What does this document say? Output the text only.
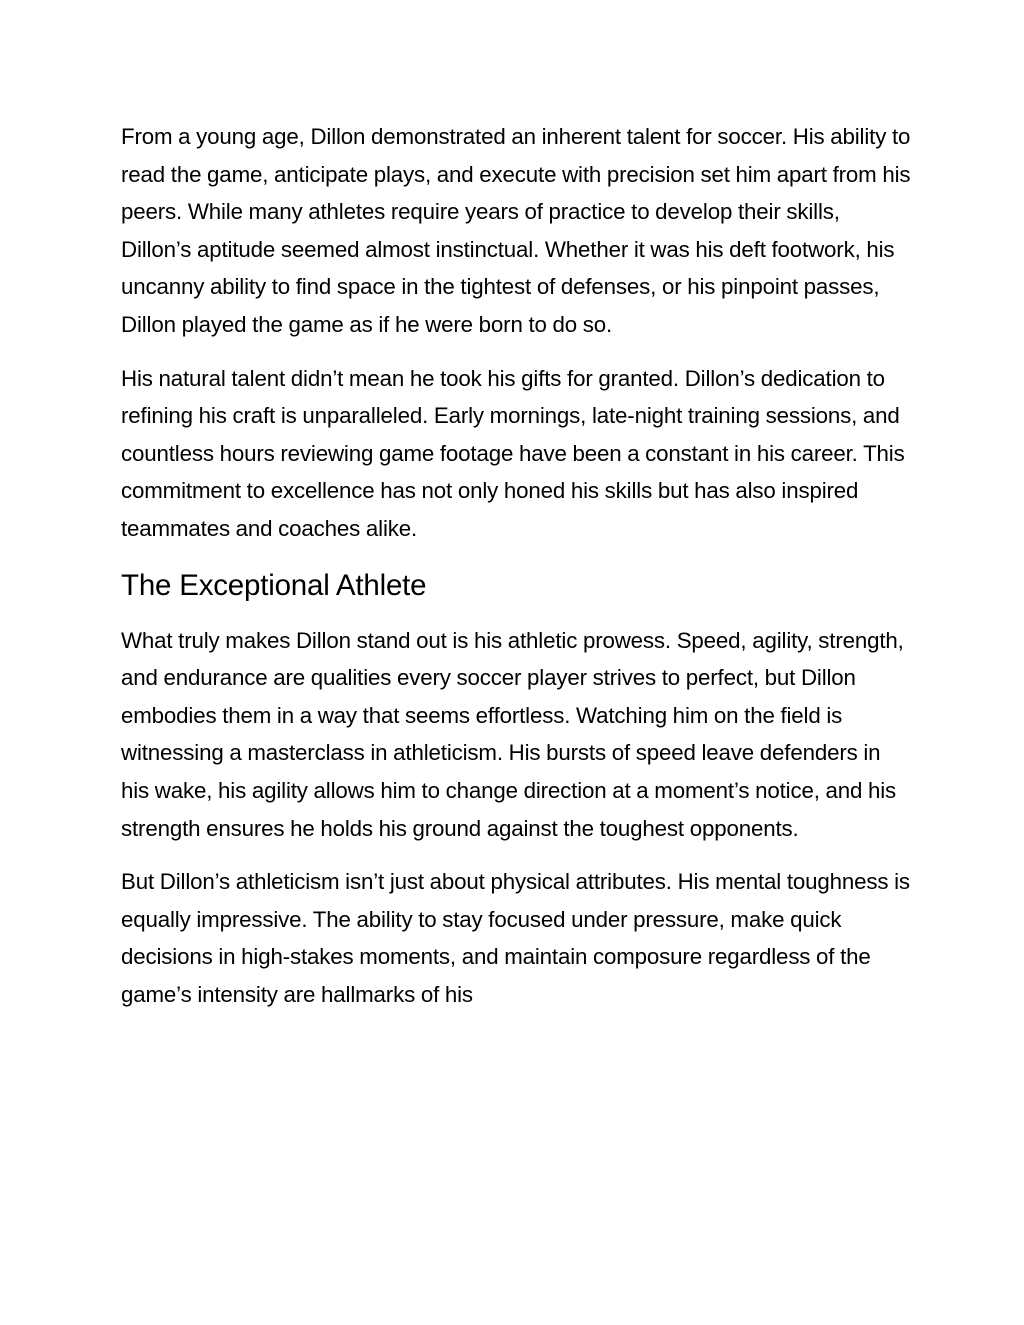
From a young age, Dillon demonstrated an inherent talent for soccer. His ability to read the game, anticipate plays, and execute with precision set him apart from his peers. While many athletes require years of practice to develop their skills, Dillon’s aptitude seemed almost instinctual. Whether it was his deft footwork, his uncanny ability to find space in the tightest of defenses, or his pinpoint passes, Dillon played the game as if he were born to do so.

His natural talent didn’t mean he took his gifts for granted. Dillon’s dedication to refining his craft is unparalleled. Early mornings, late-night training sessions, and countless hours reviewing game footage have been a constant in his career. This commitment to excellence has not only honed his skills but has also inspired teammates and coaches alike.

The Exceptional Athlete

What truly makes Dillon stand out is his athletic prowess. Speed, agility, strength, and endurance are qualities every soccer player strives to perfect, but Dillon embodies them in a way that seems effortless. Watching him on the field is witnessing a masterclass in athleticism. His bursts of speed leave defenders in his wake, his agility allows him to change direction at a moment’s notice, and his strength ensures he holds his ground against the toughest opponents.

But Dillon’s athleticism isn’t just about physical attributes. His mental toughness is equally impressive. The ability to stay focused under pressure, make quick decisions in high-stakes moments, and maintain composure regardless of the game’s intensity are hallmarks of his
